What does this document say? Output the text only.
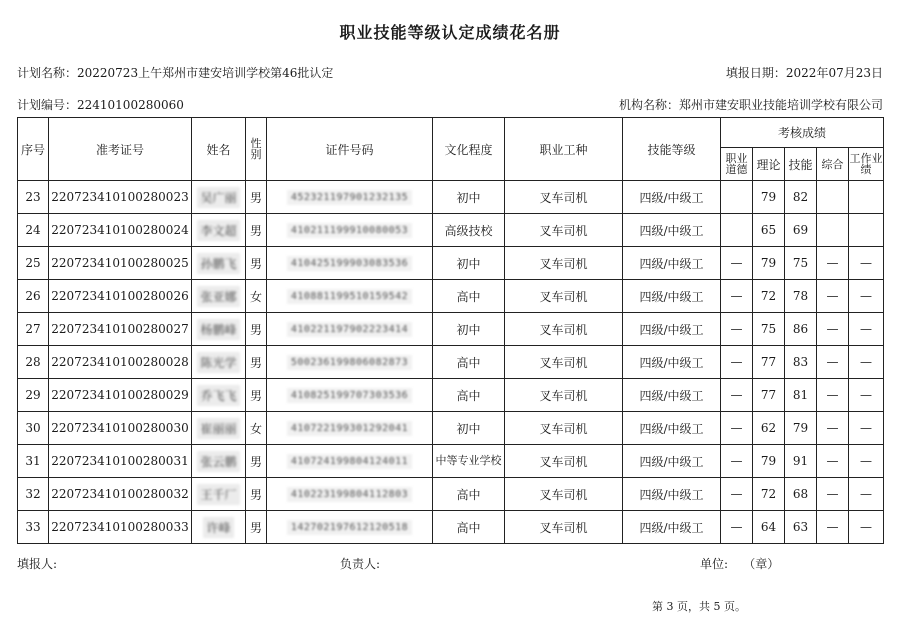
职业技能等级认定成绩花名册
计划名称：20220723上午郑州市建安培训学校第46批认定	填报日期：2022年07月23日
计划编号：22410100280060	机构名称：郑州市建安职业技能培训学校有限公司
序号	准考证号	姓名	性别	证件号码	文化程度	职业工种	技能等级	考核成绩				
								职业道德	理论	技能	综合	工作业绩
23	220723410100280023	吴广丽	男	452321197901232135	初中	叉车司机	四级/中级工		79	82		
24	220723410100280024	李文超	男	410211199910080053	高级技校	叉车司机	四级/中级工		65	69		
25	220723410100280025	孙鹏飞	男	410425199903083536	初中	叉车司机	四级/中级工	—	79	75	—	—
26	220723410100280026	张亚娜	女	410881199510159542	高中	叉车司机	四级/中级工	—	72	78	—	—
27	220723410100280027	杨鹏峰	男	410221197902223414	初中	叉车司机	四级/中级工	—	75	86	—	—
28	220723410100280028	陈光学	男	500236199806082873	高中	叉车司机	四级/中级工	—	77	83	—	—
29	220723410100280029	乔飞飞	男	410825199707303536	高中	叉车司机	四级/中级工	—	77	81	—	—
30	220723410100280030	崔丽丽	女	410722199301292041	初中	叉车司机	四级/中级工	—	62	79	—	—
31	220723410100280031	张云鹏	男	410724199804124011	中等专业学校	叉车司机	四级/中级工	—	79	91	—	—
32	220723410100280032	王千厂	男	410223199804112803	高中	叉车司机	四级/中级工	—	72	68	—	—
33	220723410100280033	许峰	男	142702197612120518	高中	叉车司机	四级/中级工	—	64	63	—	—
填报人:	负责人:	单位:    （章）
第 3 页，共 5 页。
